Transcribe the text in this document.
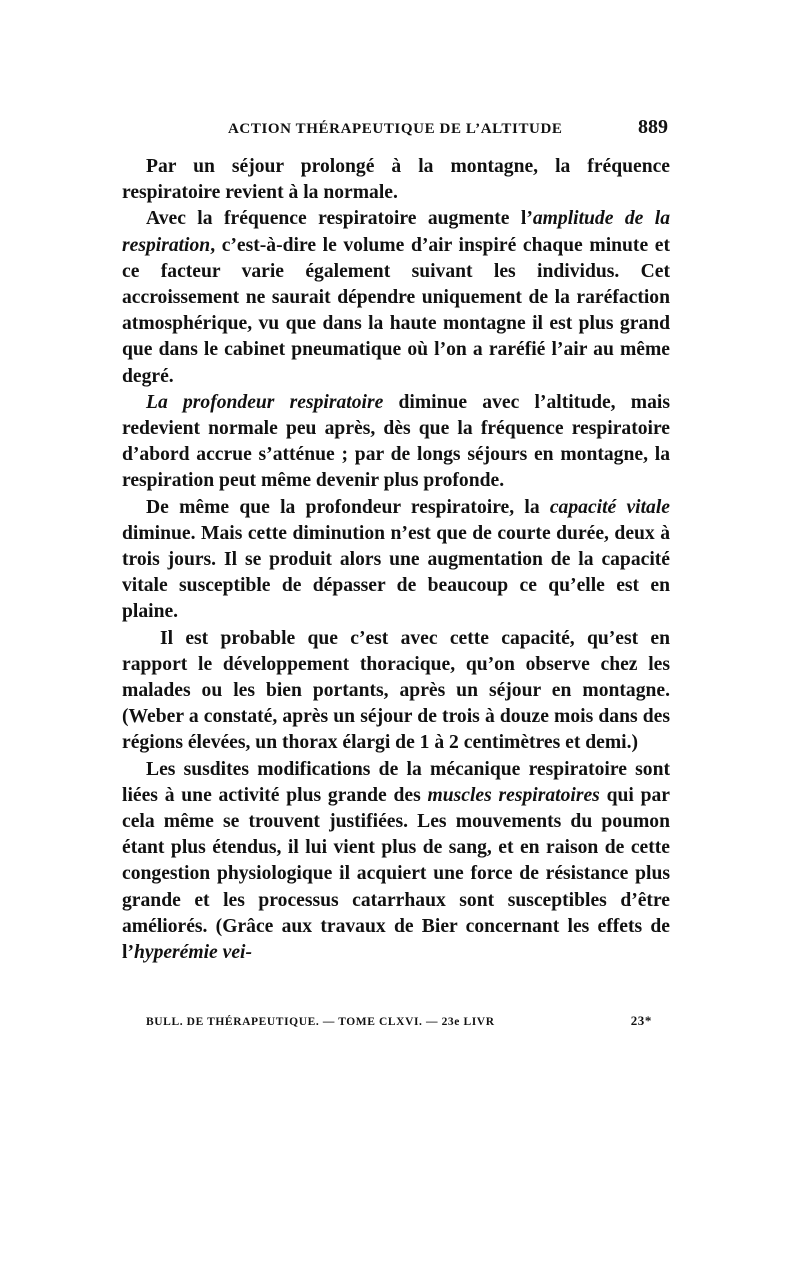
ACTION THÉRAPEUTIQUE DE L’ALTITUDE	889

Par un séjour prolongé à la montagne, la fréquence respiratoire revient à la normale.

Avec la fréquence respiratoire augmente l’amplitude de la respiration, c’est-à-dire le volume d’air inspiré chaque minute et ce facteur varie également suivant les individus. Cet accroissement ne saurait dépendre uniquement de la raréfaction atmosphérique, vu que dans la haute montagne il est plus grand que dans le cabinet pneumatique où l’on a raréfié l’air au même degré.

La profondeur respiratoire diminue avec l’altitude, mais redevient normale peu après, dès que la fréquence respiratoire d’abord accrue s’atténue ; par de longs séjours en montagne, la respiration peut même devenir plus profonde.

De même que la profondeur respiratoire, la capacité vitale diminue. Mais cette diminution n’est que de courte durée, deux à trois jours. Il se produit alors une augmentation de la capacité vitale susceptible de dépasser de beaucoup ce qu’elle est en plaine.

Il est probable que c’est avec cette capacité, qu’est en rapport le développement thoracique, qu’on observe chez les malades ou les bien portants, après un séjour en montagne. (Weber a constaté, après un séjour de trois à douze mois dans des régions élevées, un thorax élargi de 1 à 2 centimètres et demi.)

Les susdites modifications de la mécanique respiratoire sont liées à une activité plus grande des muscles respiratoires qui par cela même se trouvent justifiées. Les mouvements du poumon étant plus étendus, il lui vient plus de sang, et en raison de cette congestion physiologique il acquiert une force de résistance plus grande et les processus catarrhaux sont susceptibles d’être améliorés. (Grâce aux travaux de Bier concernant les effets de l’hyperémie vei-

BULL. DE THÉRAPEUTIQUE. — TOME CLXVI. — 23e LIVR	23*
